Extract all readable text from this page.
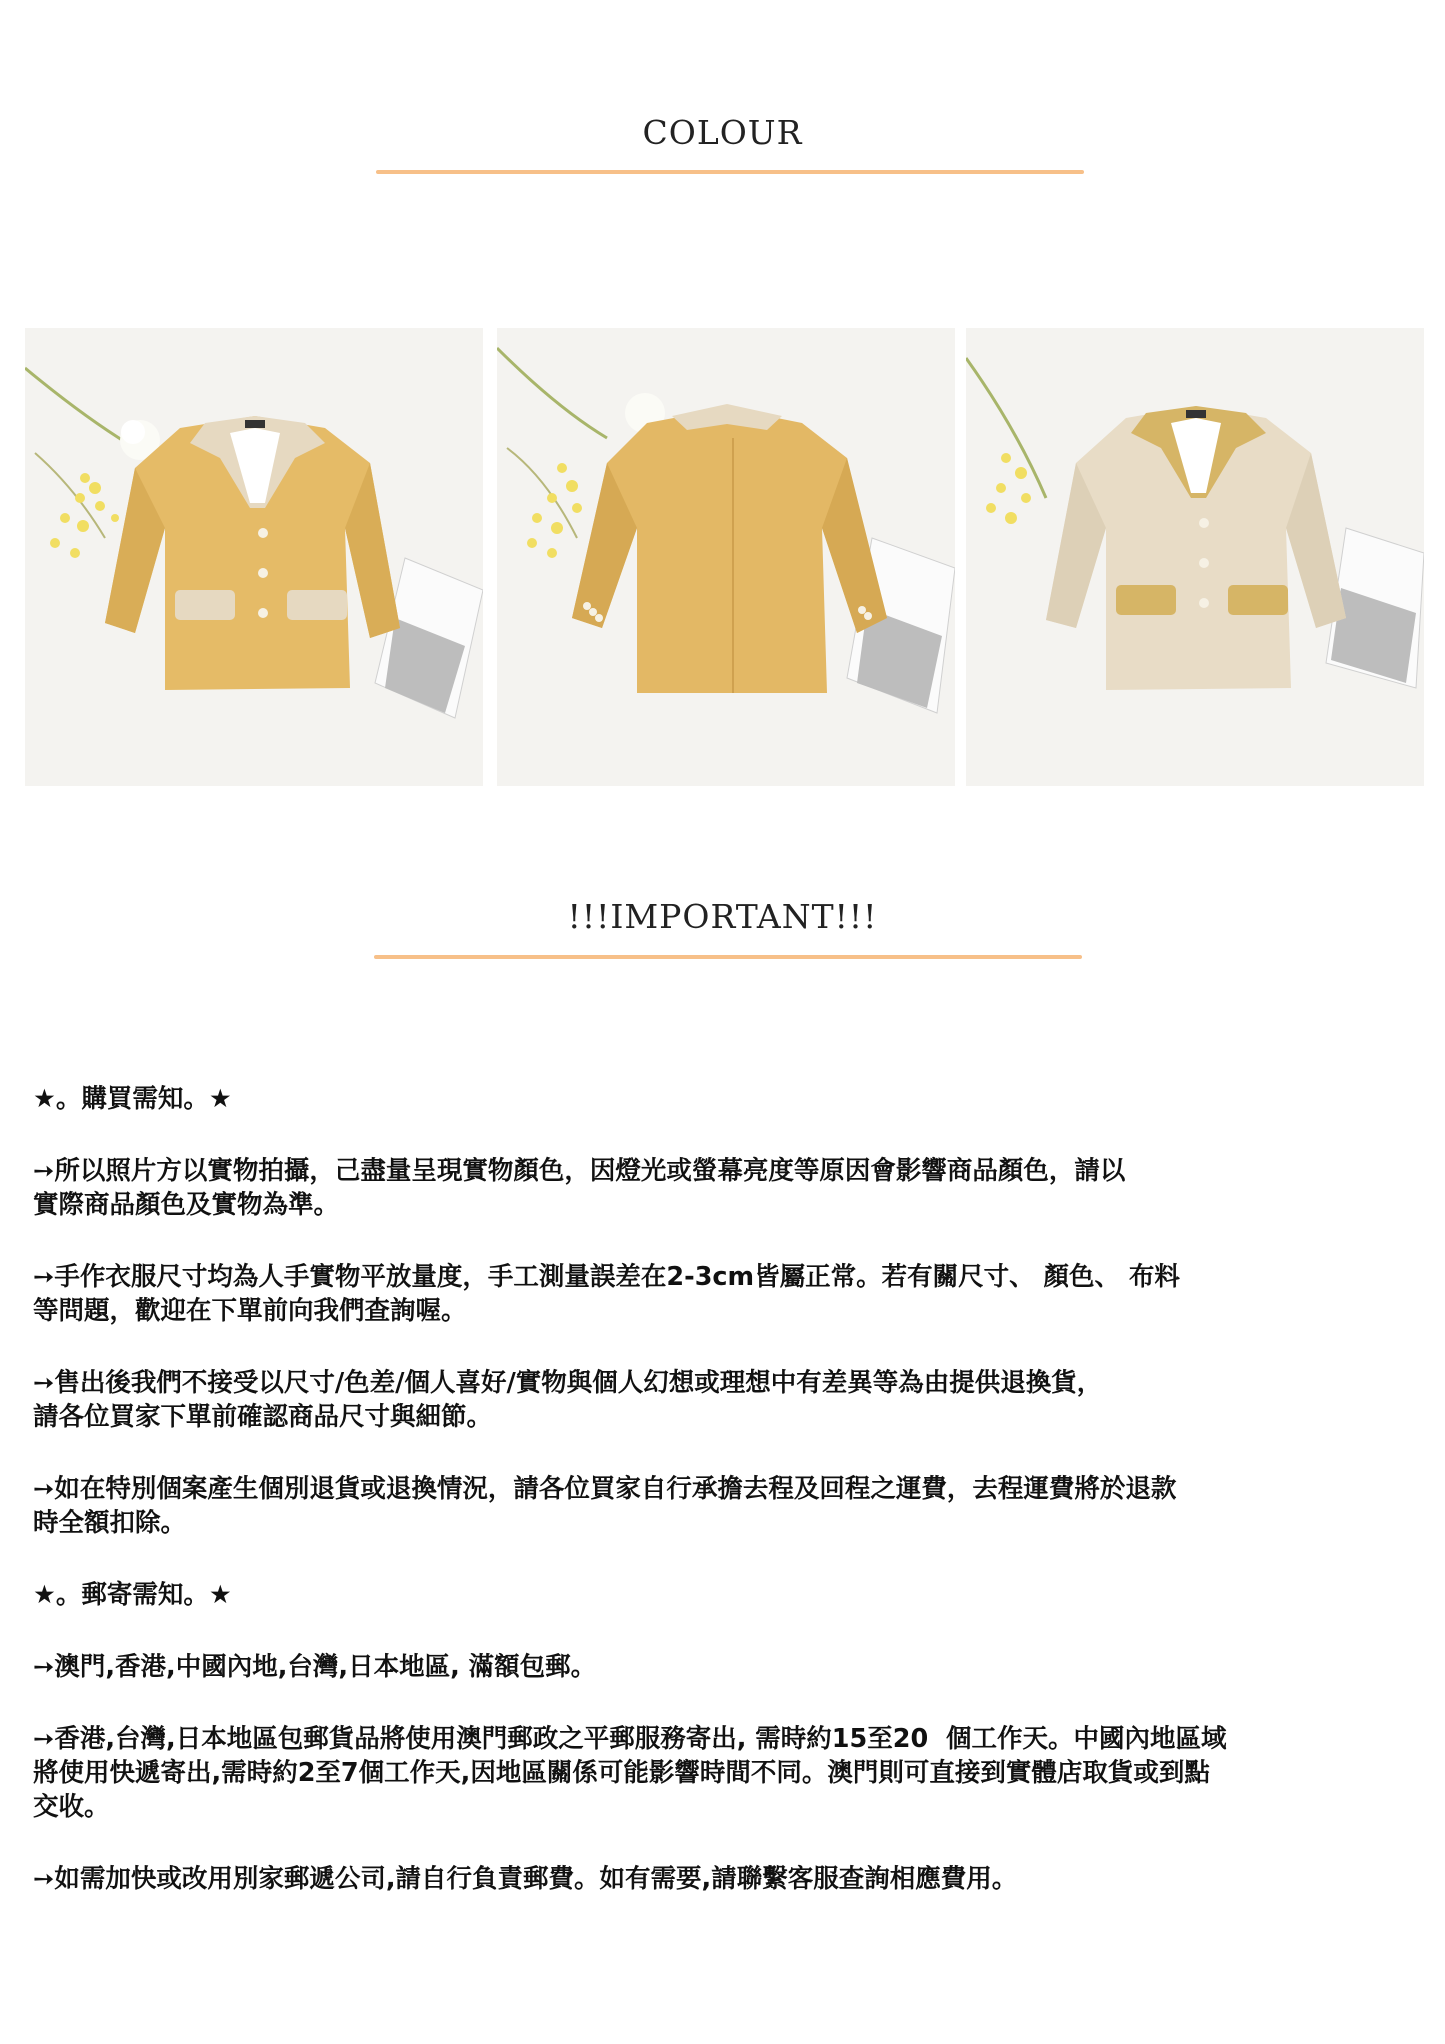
COLOUR
!!!IMPORTANT!!!

★。購買需知。★

➙所以照片方以實物拍攝，己盡量呈現實物顏色，因燈光或螢幕亮度等原因會影響商品顏色，請以
實際商品顏色及實物為準。

➙手作衣服尺寸均為人手實物平放量度，手工測量誤差在2-3cm皆屬正常。若有關尺寸、 顏色、 布料
等問題，歡迎在下單前向我們查詢喔。

➙售出後我們不接受以尺寸/色差/個人喜好/實物與個人幻想或理想中有差異等為由提供退換貨，
請各位買家下單前確認商品尺寸與細節。

➙如在特別個案產生個別退貨或退換情況，請各位買家自行承擔去程及回程之運費，去程運費將於退款
時全額扣除。

★。郵寄需知。★

➙澳門,香港,中國內地,台灣,日本地區, 滿額包郵。

➙香港,台灣,日本地區包郵貨品將使用澳門郵政之平郵服務寄出, 需時約15至20  個工作天。中國內地區域
將使用快遞寄出,需時約2至7個工作天,因地區關係可能影響時間不同。澳門則可直接到實體店取貨或到點
交收。

➙如需加快或改用別家郵遞公司,請自行負責郵費。如有需要,請聯繫客服查詢相應費用。
